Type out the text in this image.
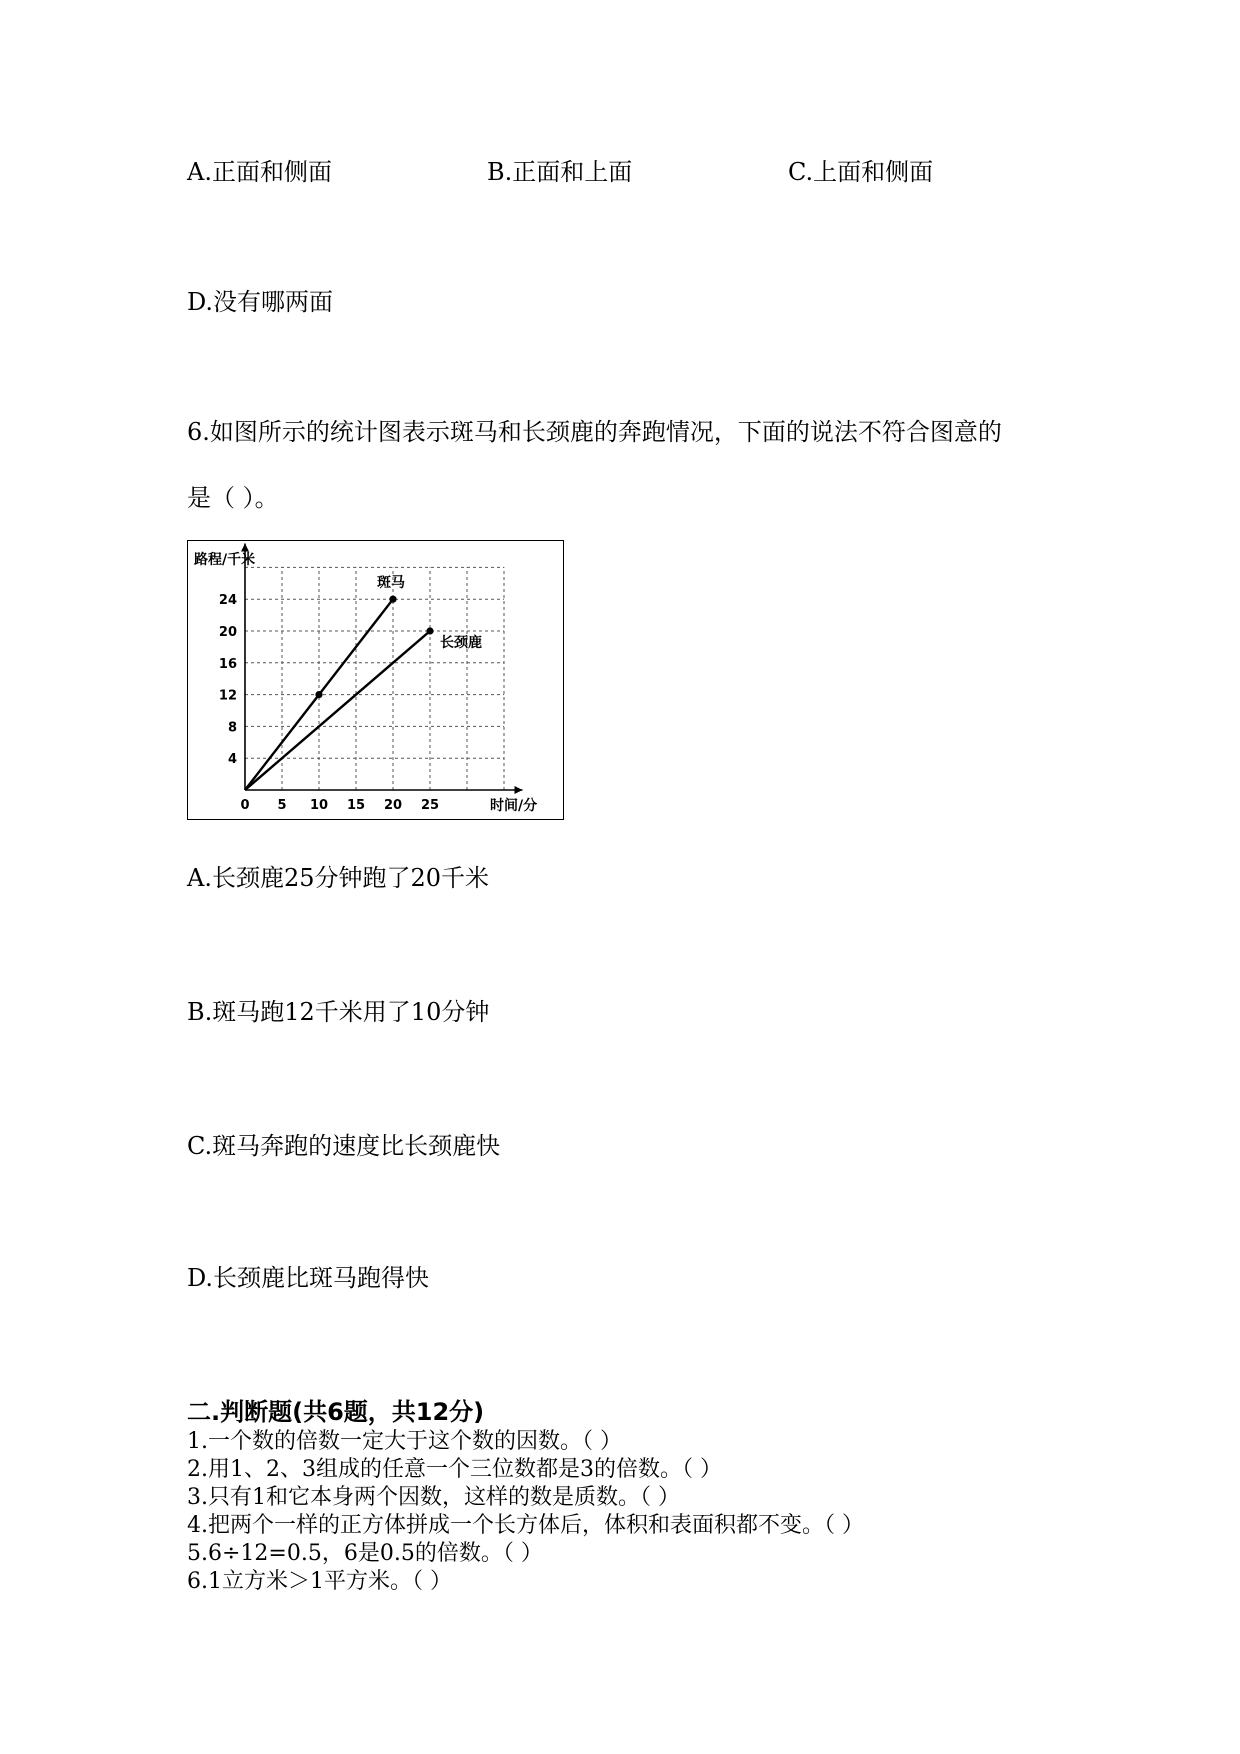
A.正面和侧面	B.正面和上面	C.上面和侧面
D.没有哪两面
6.如图所示的统计图表示斑马和长颈鹿的奔跑情况，下面的说法不符合图意的
是（ ）。
0 5 10 15 20 25
4
8
12
16
20
24
路程/千米
时间/分
斑马
长颈鹿
A.长颈鹿25分钟跑了20千米
B.斑马跑12千米用了10分钟
C.斑马奔跑的速度比长颈鹿快
D.长颈鹿比斑马跑得快
二.判断题(共6题，共12分)
1.一个数的倍数一定大于这个数的因数。（ ）
2.用1、2、3组成的任意一个三位数都是3的倍数。（ ）
3.只有1和它本身两个因数，这样的数是质数。（ ）
4.把两个一样的正方体拼成一个长方体后，体积和表面积都不变。（ ）
5.6÷12=0.5，6是0.5的倍数。（ ）
6.1立方米＞1平方米。（ ）
